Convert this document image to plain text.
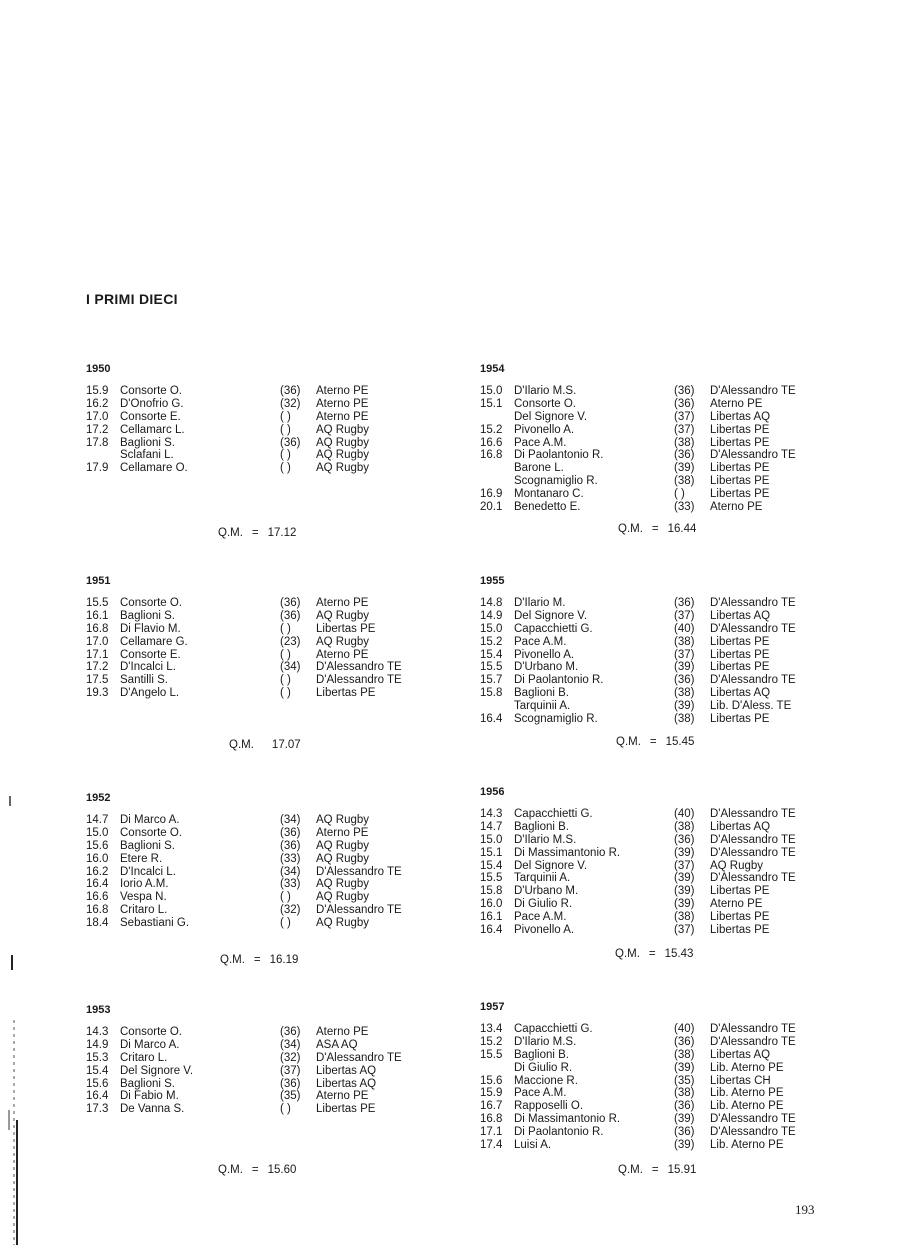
I PRIMI DIECI
1950
15.9 Consorte O.	(36) Aterno PE
16.2 D'Onofrio G.	(32) Aterno PE
17.0 Consorte E.	( ) Aterno PE
17.2 Cellamarc L.	( ) AQ Rugby
17.8 Baglioni S.	(36) AQ Rugby
Sclafani L.	( ) AQ Rugby
17.9 Cellamare O.	( ) AQ Rugby
Q.M. = 17.12
1951
15.5 Consorte O.	(36) Aterno PE
16.1 Baglioni S.	(36) AQ Rugby
16.8 Di Flavio M.	( ) Libertas PE
17.0 Cellamare G.	(23) AQ Rugby
17.1 Consorte E.	( ) Aterno PE
17.2 D'Incalci L.	(34) D'Alessandro TE
17.5 Santilli S.	( ) D'Alessandro TE
19.3 D'Angelo L.	( ) Libertas PE
Q.M. 17.07
1952
14.7 Di Marco A.	(34) AQ Rugby
15.0 Consorte O.	(36) Aterno PE
15.6 Baglioni S.	(36) AQ Rugby
16.0 Etere R.	(33) AQ Rugby
16.2 D'Incalci L.	(34) D'Alessandro TE
16.4 Iorio A.M.	(33) AQ Rugby
16.6 Vespa N.	( ) AQ Rugby
16.8 Critaro L.	(32) D'Alessandro TE
18.4 Sebastiani G.	( ) AQ Rugby
Q.M. = 16.19
1953
14.3 Consorte O.	(36) Aterno PE
14.9 Di Marco A.	(34) ASA AQ
15.3 Critaro L.	(32) D'Alessandro TE
15.4 Del Signore V.	(37) Libertas AQ
15.6 Baglioni S.	(36) Libertas AQ
16.4 Di Fabio M.	(35) Aterno PE
17.3 De Vanna S.	( ) Libertas PE
Q.M. = 15.60
1954
15.0 D'Ilario M.S.	(36) D'Alessandro TE
15.1 Consorte O.	(36) Aterno PE
Del Signore V.	(37) Libertas AQ
15.2 Pivonello A.	(37) Libertas PE
16.6 Pace A.M.	(38) Libertas PE
16.8 Di Paolantonio R.	(36) D'Alessandro TE
Barone L.	(39) Libertas PE
Scognamiglio R.	(38) Libertas PE
16.9 Montanaro C.	( ) Libertas PE
20.1 Benedetto E.	(33) Aterno PE
Q.M. = 16.44
1955
14.8 D'Ilario M.	(36) D'Alessandro TE
14.9 Del Signore V.	(37) Libertas AQ
15.0 Capacchietti G.	(40) D'Alessandro TE
15.2 Pace A.M.	(38) Libertas PE
15.4 Pivonello A.	(37) Libertas PE
15.5 D'Urbano M.	(39) Libertas PE
15.7 Di Paolantonio R.	(36) D'Alessandro TE
15.8 Baglioni B.	(38) Libertas AQ
Tarquinii A.	(39) Lib. D'Aless. TE
16.4 Scognamiglio R.	(38) Libertas PE
Q.M. = 15.45
1956
14.3 Capacchietti G.	(40) D'Alessandro TE
14.7 Baglioni B.	(38) Libertas AQ
15.0 D'Ilario M.S.	(36) D'Alessandro TE
15.1 Di Massimantonio R.	(39) D'Alessandro TE
15.4 Del Signore V.	(37) AQ Rugby
15.5 Tarquinii A.	(39) D'Alessandro TE
15.8 D'Urbano M.	(39) Libertas PE
16.0 Di Giulio R.	(39) Aterno PE
16.1 Pace A.M.	(38) Libertas PE
16.4 Pivonello A.	(37) Libertas PE
Q.M. = 15.43
1957
13.4 Capacchietti G.	(40) D'Alessandro TE
15.2 D'Ilario M.S.	(36) D'Alessandro TE
15.5 Baglioni B.	(38) Libertas AQ
Di Giulio R.	(39) Lib. Aterno PE
15.6 Maccione R.	(35) Libertas CH
15.9 Pace A.M.	(38) Lib. Aterno PE
16.7 Rapposelli O.	(36) Lib. Aterno PE
16.8 Di Massimantonio R.	(39) D'Alessandro TE
17.1 Di Paolantonio R.	(36) D'Alessandro TE
17.4 Luisi A.	(39) Lib. Aterno PE
Q.M. = 15.91
193
